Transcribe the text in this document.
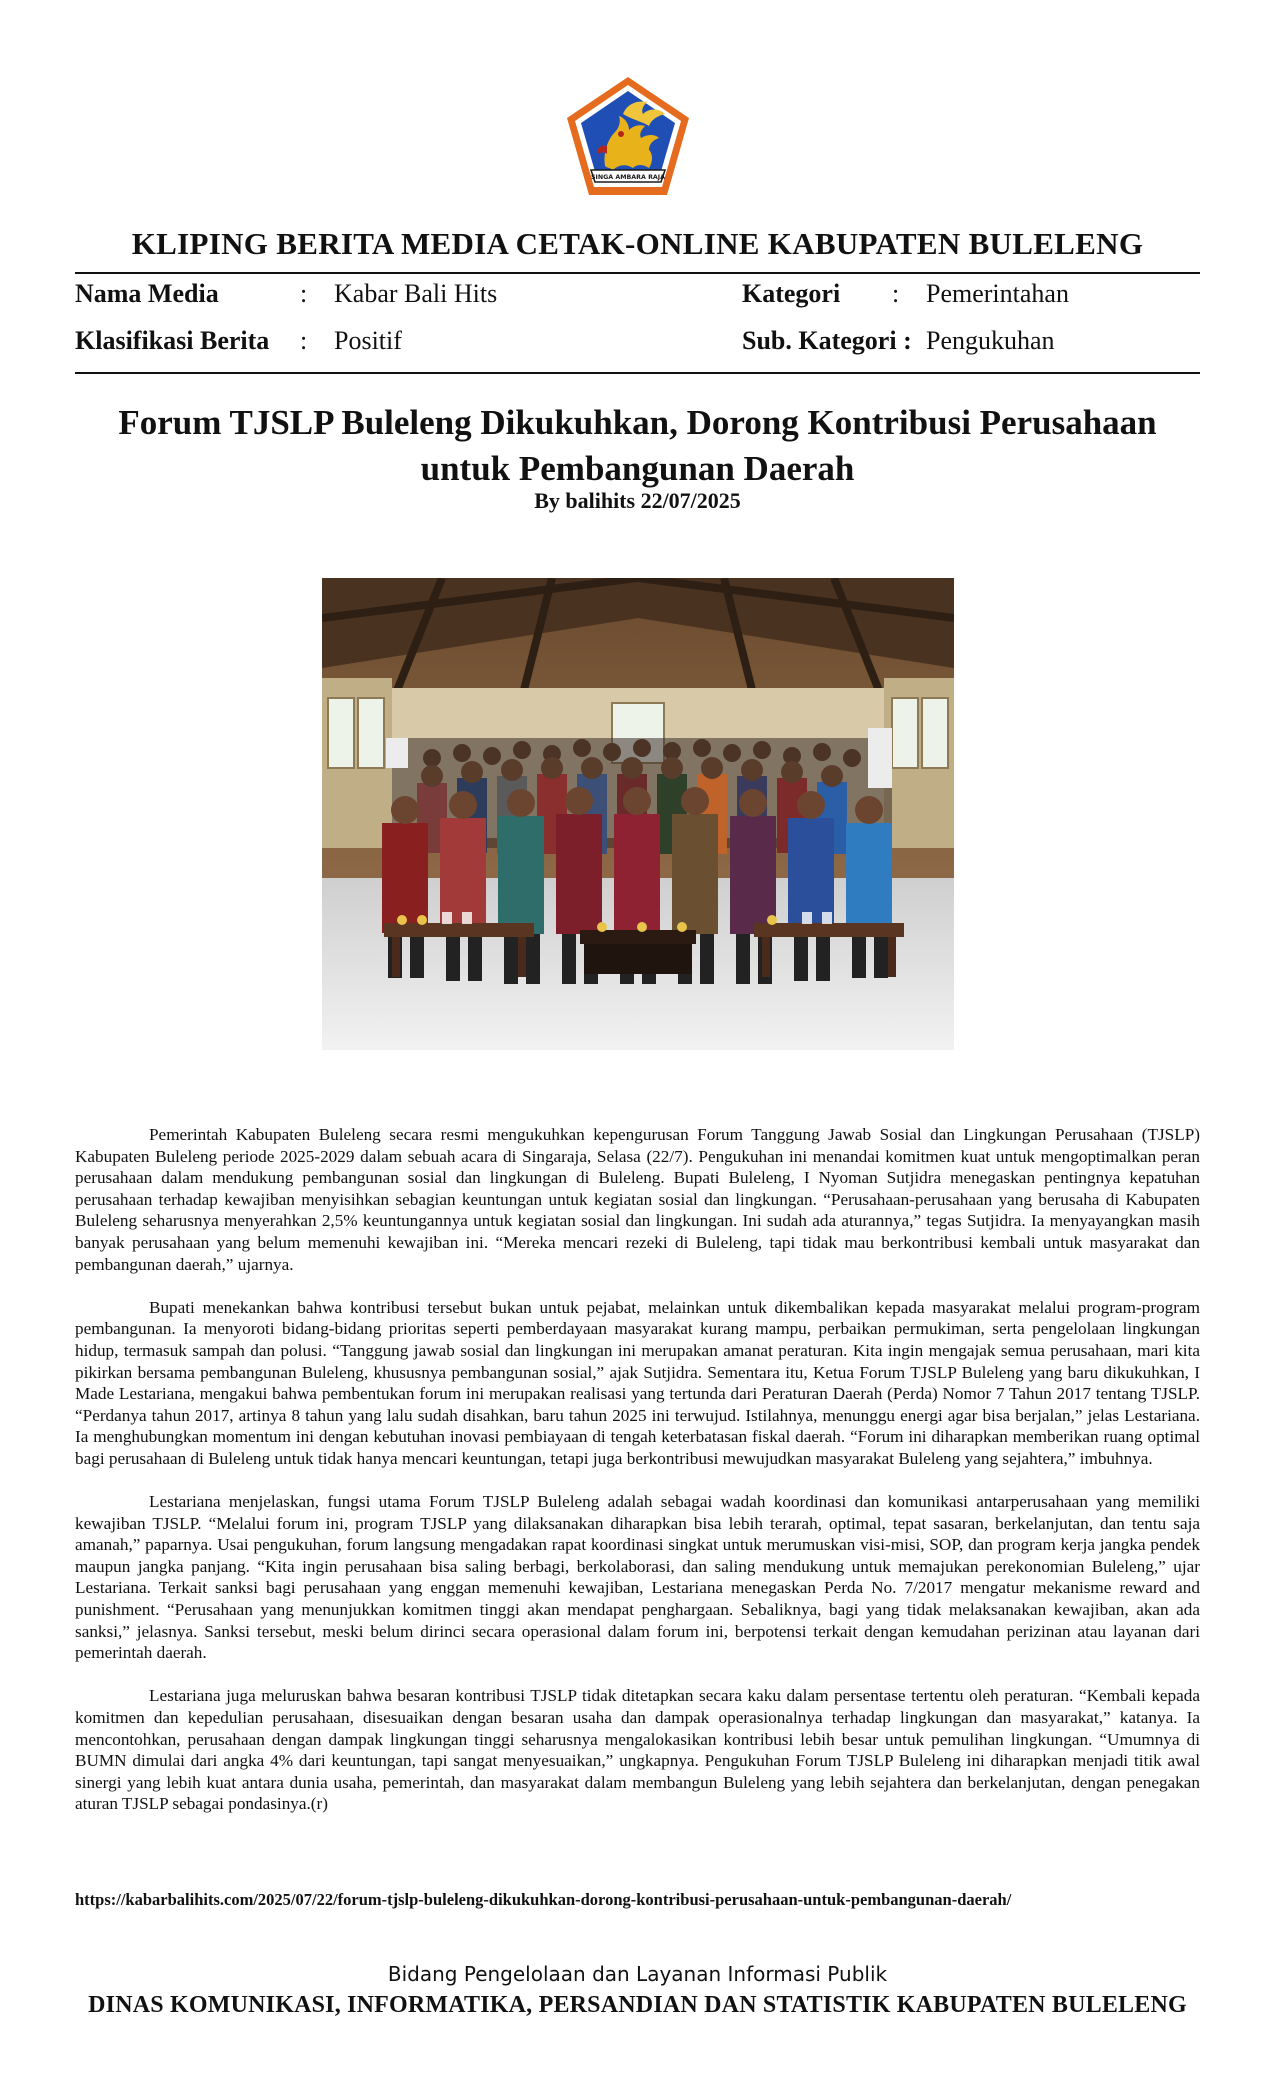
SINGA AMBARA RAJA
KLIPING BERITA MEDIA CETAK-ONLINE KABUPATEN BULELENG
Nama Media	: Kabar Bali Hits
Klasifikasi Berita : Positif
Kategori : Pemerintahan
Sub. Kategori : Pengukuhan
Forum TJSLP Buleleng Dikukuhkan, Dorong Kontribusi Perusahaan untuk Pembangunan Daerah
By balihits 22/07/2025

Pemerintah Kabupaten Buleleng secara resmi mengukuhkan kepengurusan Forum Tanggung Jawab Sosial dan Lingkungan Perusahaan (TJSLP) Kabupaten Buleleng periode 2025-2029 dalam sebuah acara di Singaraja, Selasa (22/7). Pengukuhan ini menandai komitmen kuat untuk mengoptimalkan peran perusahaan dalam mendukung pembangunan sosial dan lingkungan di Buleleng. Bupati Buleleng, I Nyoman Sutjidra menegaskan pentingnya kepatuhan perusahaan terhadap kewajiban menyisihkan sebagian keuntungan untuk kegiatan sosial dan lingkungan. “Perusahaan-perusahaan yang berusaha di Kabupaten Buleleng seharusnya menyerahkan 2,5% keuntungannya untuk kegiatan sosial dan lingkungan. Ini sudah ada aturannya,” tegas Sutjidra. Ia menyayangkan masih banyak perusahaan yang belum memenuhi kewajiban ini. “Mereka mencari rezeki di Buleleng, tapi tidak mau berkontribusi kembali untuk masyarakat dan pembangunan daerah,” ujarnya.

Bupati menekankan bahwa kontribusi tersebut bukan untuk pejabat, melainkan untuk dikembalikan kepada masyarakat melalui program-program pembangunan. Ia menyoroti bidang-bidang prioritas seperti pemberdayaan masyarakat kurang mampu, perbaikan permukiman, serta pengelolaan lingkungan hidup, termasuk sampah dan polusi. “Tanggung jawab sosial dan lingkungan ini merupakan amanat peraturan. Kita ingin mengajak semua perusahaan, mari kita pikirkan bersama pembangunan Buleleng, khususnya pembangunan sosial,” ajak Sutjidra. Sementara itu, Ketua Forum TJSLP Buleleng yang baru dikukuhkan, I Made Lestariana, mengakui bahwa pembentukan forum ini merupakan realisasi yang tertunda dari Peraturan Daerah (Perda) Nomor 7 Tahun 2017 tentang TJSLP. “Perdanya tahun 2017, artinya 8 tahun yang lalu sudah disahkan, baru tahun 2025 ini terwujud. Istilahnya, menunggu energi agar bisa berjalan,” jelas Lestariana. Ia menghubungkan momentum ini dengan kebutuhan inovasi pembiayaan di tengah keterbatasan fiskal daerah. “Forum ini diharapkan memberikan ruang optimal bagi perusahaan di Buleleng untuk tidak hanya mencari keuntungan, tetapi juga berkontribusi mewujudkan masyarakat Buleleng yang sejahtera,” imbuhnya.

Lestariana menjelaskan, fungsi utama Forum TJSLP Buleleng adalah sebagai wadah koordinasi dan komunikasi antarperusahaan yang memiliki kewajiban TJSLP. “Melalui forum ini, program TJSLP yang dilaksanakan diharapkan bisa lebih terarah, optimal, tepat sasaran, berkelanjutan, dan tentu saja amanah,” paparnya. Usai pengukuhan, forum langsung mengadakan rapat koordinasi singkat untuk merumuskan visi-misi, SOP, dan program kerja jangka pendek maupun jangka panjang. “Kita ingin perusahaan bisa saling berbagi, berkolaborasi, dan saling mendukung untuk memajukan perekonomian Buleleng,” ujar Lestariana. Terkait sanksi bagi perusahaan yang enggan memenuhi kewajiban, Lestariana menegaskan Perda No. 7/2017 mengatur mekanisme reward and punishment. “Perusahaan yang menunjukkan komitmen tinggi akan mendapat penghargaan. Sebaliknya, bagi yang tidak melaksanakan kewajiban, akan ada sanksi,” jelasnya. Sanksi tersebut, meski belum dirinci secara operasional dalam forum ini, berpotensi terkait dengan kemudahan perizinan atau layanan dari pemerintah daerah.

Lestariana juga meluruskan bahwa besaran kontribusi TJSLP tidak ditetapkan secara kaku dalam persentase tertentu oleh peraturan. “Kembali kepada komitmen dan kepedulian perusahaan, disesuaikan dengan besaran usaha dan dampak operasionalnya terhadap lingkungan dan masyarakat,” katanya. Ia mencontohkan, perusahaan dengan dampak lingkungan tinggi seharusnya mengalokasikan kontribusi lebih besar untuk pemulihan lingkungan. “Umumnya di BUMN dimulai dari angka 4% dari keuntungan, tapi sangat menyesuaikan,” ungkapnya. Pengukuhan Forum TJSLP Buleleng ini diharapkan menjadi titik awal sinergi yang lebih kuat antara dunia usaha, pemerintah, dan masyarakat dalam membangun Buleleng yang lebih sejahtera dan berkelanjutan, dengan penegakan aturan TJSLP sebagai pondasinya.(r)

https://kabarbalihits.com/2025/07/22/forum-tjslp-buleleng-dikukuhkan-dorong-kontribusi-perusahaan-untuk-pembangunan-daerah/
Bidang Pengelolaan dan Layanan Informasi Publik
DINAS KOMUNIKASI, INFORMATIKA, PERSANDIAN DAN STATISTIK KABUPATEN BULELENG
